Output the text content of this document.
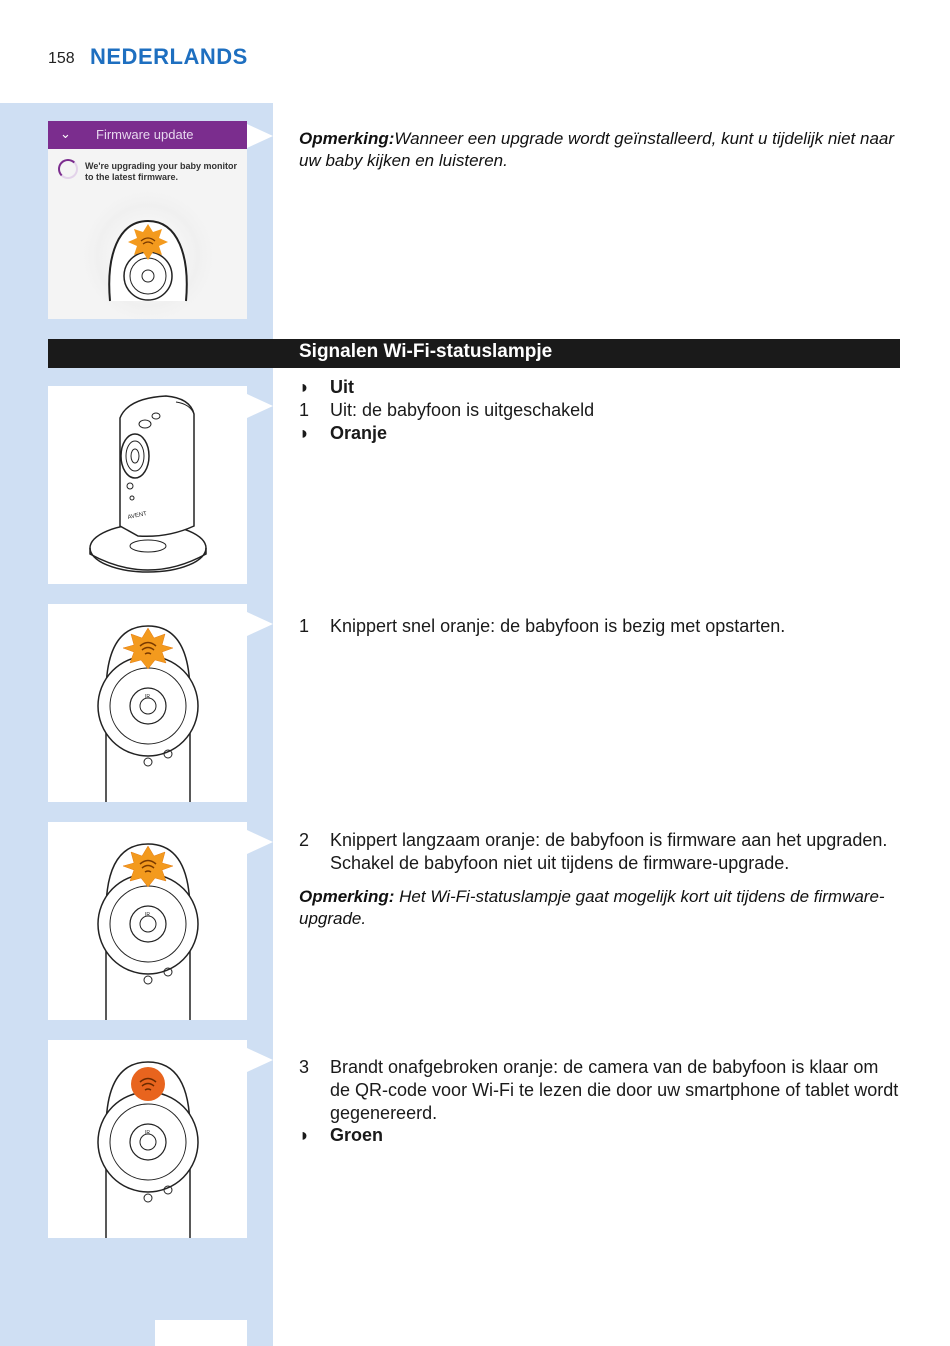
158 NEDERLANDS
⌄ Firmware update
We're upgrading your baby monitor to the latest firmware.
Opmerking:Wanneer een upgrade wordt geïnstalleerd, kunt u tijdelijk niet naar uw baby kijken en luisteren.
Signalen Wi-Fi-statuslampje
AVENT
◗	Uit
1	Uit: de babyfoon is uitgeschakeld
◗	Oranje
IR
1	Knippert snel oranje: de babyfoon is bezig met opstarten.
IR
2	Knippert langzaam oranje: de babyfoon is firmware aan het upgraden. Schakel de babyfoon niet uit tijdens de firmware-upgrade.
Opmerking: Het Wi-Fi-statuslampje gaat mogelijk kort uit tijdens de firmware-upgrade.
IR
3	Brandt onafgebroken oranje: de camera van de babyfoon is klaar om de QR-code voor Wi-Fi te lezen die door uw smartphone of tablet wordt gegenereerd.
◗	Groen
